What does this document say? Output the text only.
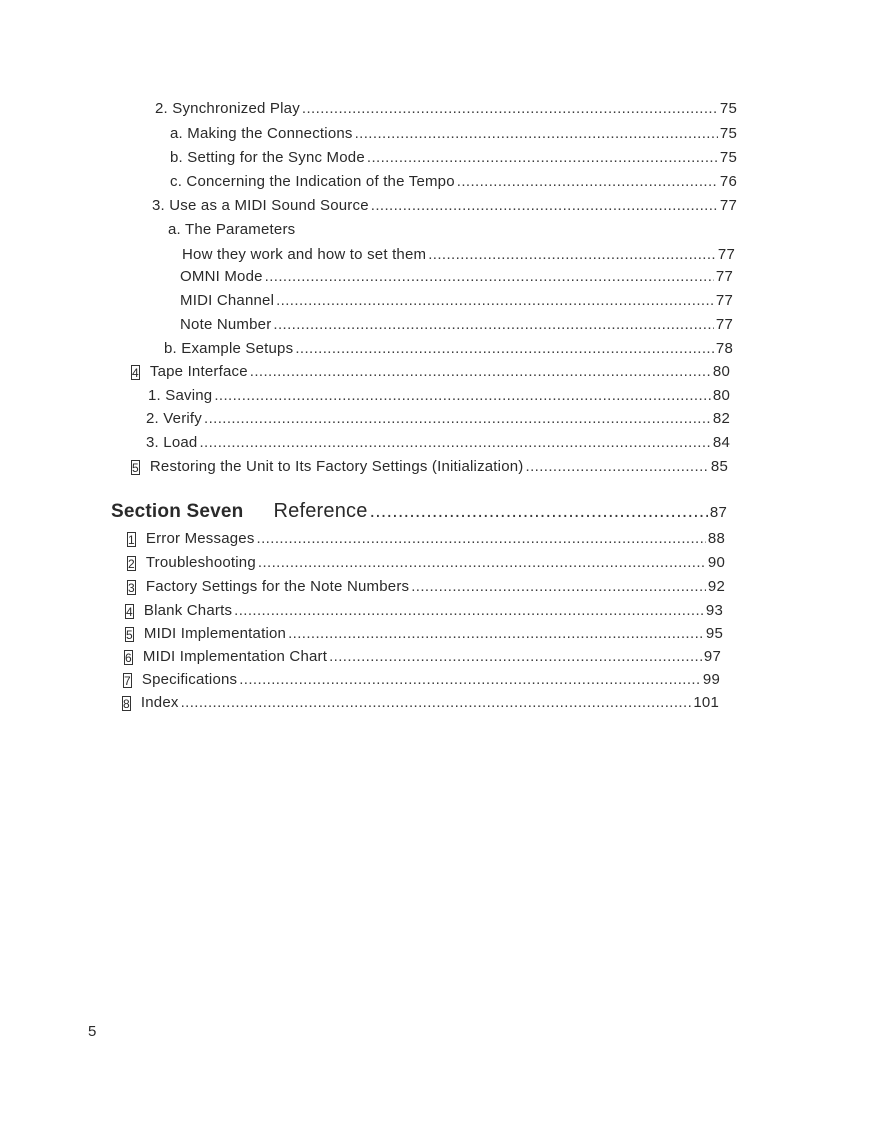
2. Synchronized Play .....	75
a. Making the Connections .....	75
b. Setting for the Sync Mode .....	75
c. Concerning the Indication of the Tempo .....	76
3. Use as a MIDI Sound Source .....	77
a. The Parameters
How they work and how to set them .....	77
OMNI Mode .....	77
MIDI Channel .....	77
Note Number .....	77
b. Example Setups .....	78
4 Tape Interface .....	80
1. Saving .....	80
2. Verify .....	82
3. Load .....	84
5 Restoring the Unit to Its Factory Settings (Initialization) .....	85
Section Seven Reference .....	87
1 Error Messages .....	88
2 Troubleshooting .....	90
3 Factory Settings for the Note Numbers .....	92
4 Blank Charts .....	93
5 MIDI Implementation .....	95
6 MIDI Implementation Chart .....	97
7 Specifications .....	99
8 Index .....	101
5
